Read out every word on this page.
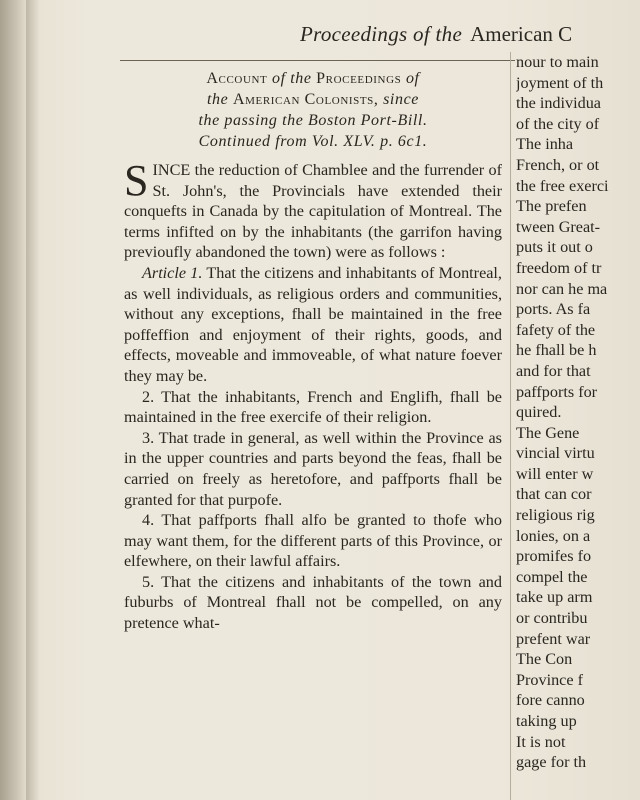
Proceedings of the American C
Account of the Proceedings of
the American Colonists, since
the passing the Boston Port-Bill.
Continued from Vol. XLV. p. 6c1.

SINCE the reduction of Chamblee and the furrender of St. John's, the Provincials have extended their conquefts in Canada by the capitulation of Montreal. The terms infifted on by the inhabitants (the garrifon having previoufly abandoned the town) were as follows :

Article 1. That the citizens and inhabitants of Montreal, as well individuals, as religious orders and communities, without any exceptions, fhall be maintained in the free poffeffion and enjoyment of their rights, goods, and effects, moveable and immoveable, of what nature foever they may be.

2. That the inhabitants, French and Englifh, fhall be maintained in the free exercife of their religion.

3. That trade in general, as well within the Province as in the upper countries and parts beyond the feas, fhall be carried on freely as heretofore, and paffports fhall be granted for that purpofe.

4. That paffports fhall alfo be granted to thofe who may want them, for the different parts of this Province, or elfewhere, on their lawful affairs.

5. That the citizens and inhabitants of the town and fuburbs of Montreal fhall not be compelled, on any pretence what-

nour to main
joyment of th
the individua
of the city of
The inha
French, or ot
the free exerci
The prefen
tween Great-
puts it out o
freedom of tr
nor can he ma
ports. As fa
fafety of the
he fhall be h
and for that
paffports for
quired.
The Gene
vincial virtu
will enter w
that can cor
religious rig
lonies, on a
promifes fo
compel the
take up arm
or contribu
prefent war
The Con
Province f
fore canno
taking up
It is not
gage for th
